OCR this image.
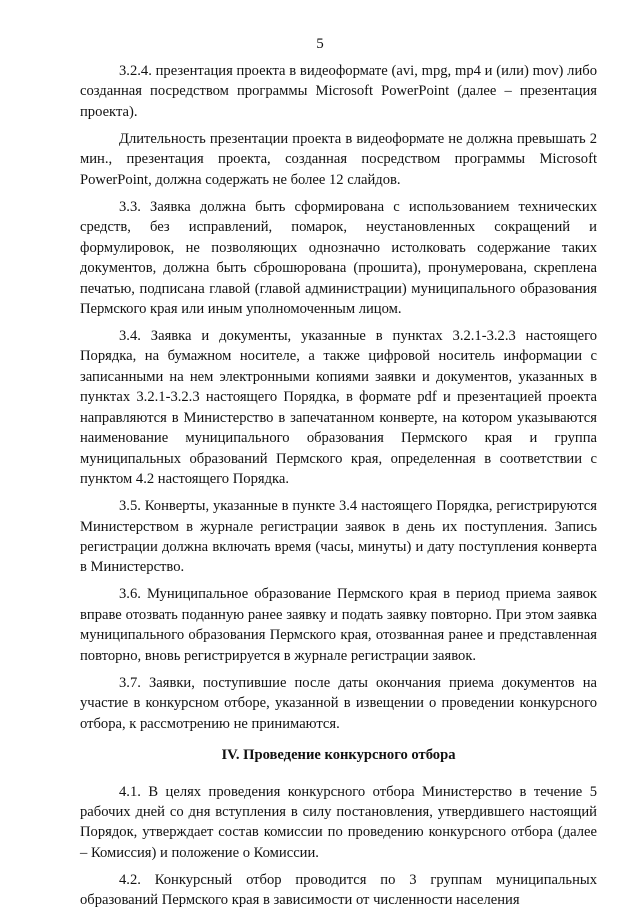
5

3.2.4. презентация проекта в видеоформате (avi, mpg, mp4 и (или) mov) либо созданная посредством программы Microsoft PowerPoint (далее – презентация проекта).

Длительность презентации проекта в видеоформате не должна превышать 2 мин., презентация проекта, созданная посредством программы Microsoft PowerPoint, должна содержать не более 12 слайдов.

3.3. Заявка должна быть сформирована с использованием технических средств, без исправлений, помарок, неустановленных сокращений и формулировок, не позволяющих однозначно истолковать содержание таких документов, должна быть сброшюрована (прошита), пронумерована, скреплена печатью, подписана главой (главой администрации) муниципального образования Пермского края или иным уполномоченным лицом.

3.4. Заявка и документы, указанные в пунктах 3.2.1-3.2.3 настоящего Порядка, на бумажном носителе, а также цифровой носитель информации с записанными на нем электронными копиями заявки и документов, указанных в пунктах 3.2.1-3.2.3 настоящего Порядка, в формате pdf и презентацией проекта направляются в Министерство в запечатанном конверте, на котором указываются наименование муниципального образования Пермского края и группа муниципальных образований Пермского края, определенная в соответствии с пунктом 4.2 настоящего Порядка.

3.5. Конверты, указанные в пункте 3.4 настоящего Порядка, регистрируются Министерством в журнале регистрации заявок в день их поступления. Запись регистрации должна включать время (часы, минуты) и дату поступления конверта в Министерство.

3.6. Муниципальное образование Пермского края в период приема заявок вправе отозвать поданную ранее заявку и подать заявку повторно. При этом заявка муниципального образования Пермского края, отозванная ранее и представленная повторно, вновь регистрируется в журнале регистрации заявок.

3.7. Заявки, поступившие после даты окончания приема документов на участие в конкурсном отборе, указанной в извещении о проведении конкурсного отбора, к рассмотрению не принимаются.

IV. Проведение конкурсного отбора

4.1. В целях проведения конкурсного отбора Министерство в течение 5 рабочих дней со дня вступления в силу постановления, утвердившего настоящий Порядок, утверждает состав комиссии по проведению конкурсного отбора (далее – Комиссия) и положение о Комиссии.

4.2. Конкурсный отбор проводится по 3 группам муниципальных образований Пермского края в зависимости от численности населения
